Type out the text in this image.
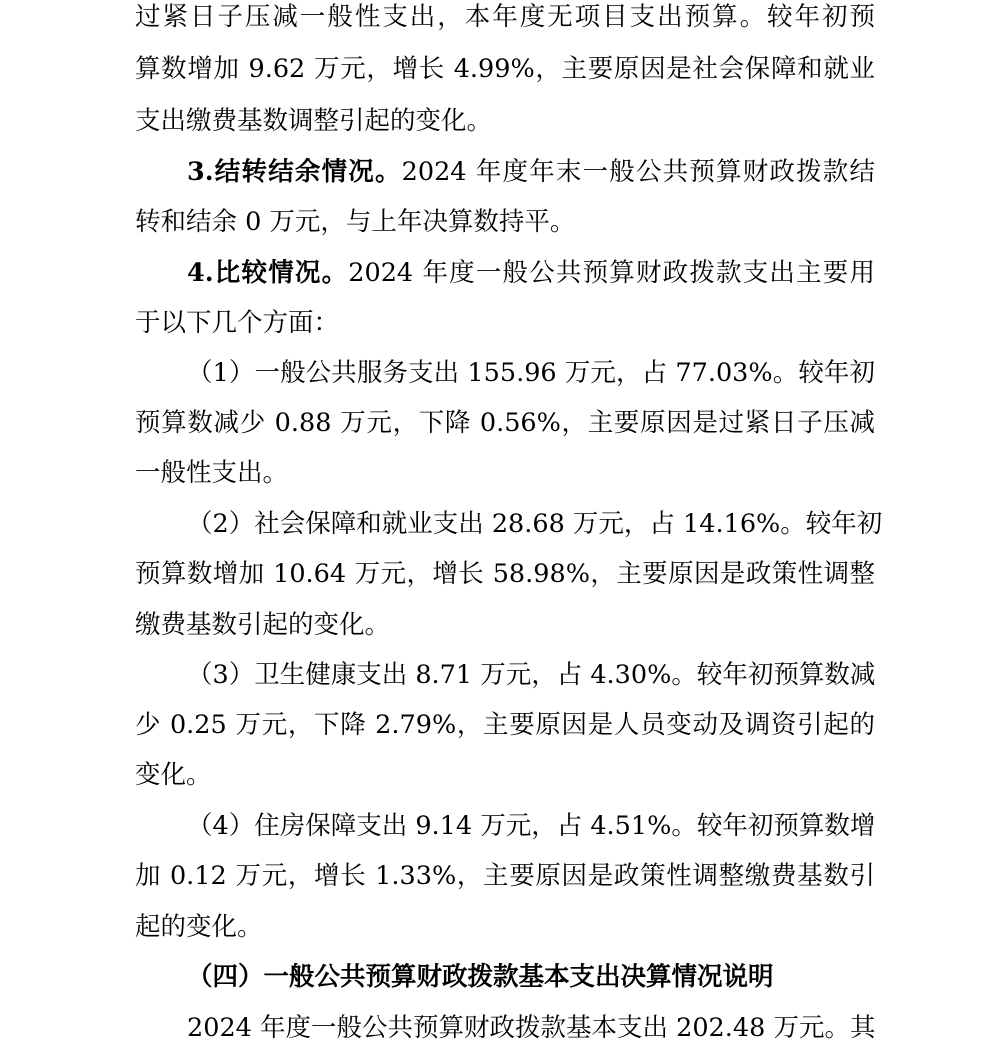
过紧日子压减一般性支出，本年度无项目支出预算。较年初预
算数增加 9.62 万元，增长 4.99%，主要原因是社会保障和就业
支出缴费基数调整引起的变化。
3.结转结余情况。2024 年度年末一般公共预算财政拨款结
转和结余 0 万元，与上年决算数持平。
4.比较情况。2024 年度一般公共预算财政拨款支出主要用
于以下几个方面：
（1）一般公共服务支出 155.96 万元，占 77.03%。较年初
预算数减少 0.88 万元，下降 0.56%，主要原因是过紧日子压减
一般性支出。
（2）社会保障和就业支出 28.68 万元，占 14.16%。较年初
预算数增加 10.64 万元，增长 58.98%，主要原因是政策性调整
缴费基数引起的变化。
（3）卫生健康支出 8.71 万元，占 4.30%。较年初预算数减
少 0.25 万元，下降 2.79%，主要原因是人员变动及调资引起的
变化。
（4）住房保障支出 9.14 万元，占 4.51%。较年初预算数增
加 0.12 万元，增长 1.33%，主要原因是政策性调整缴费基数引
起的变化。
（四）一般公共预算财政拨款基本支出决算情况说明
2024 年度一般公共预算财政拨款基本支出 202.48 万元。其
